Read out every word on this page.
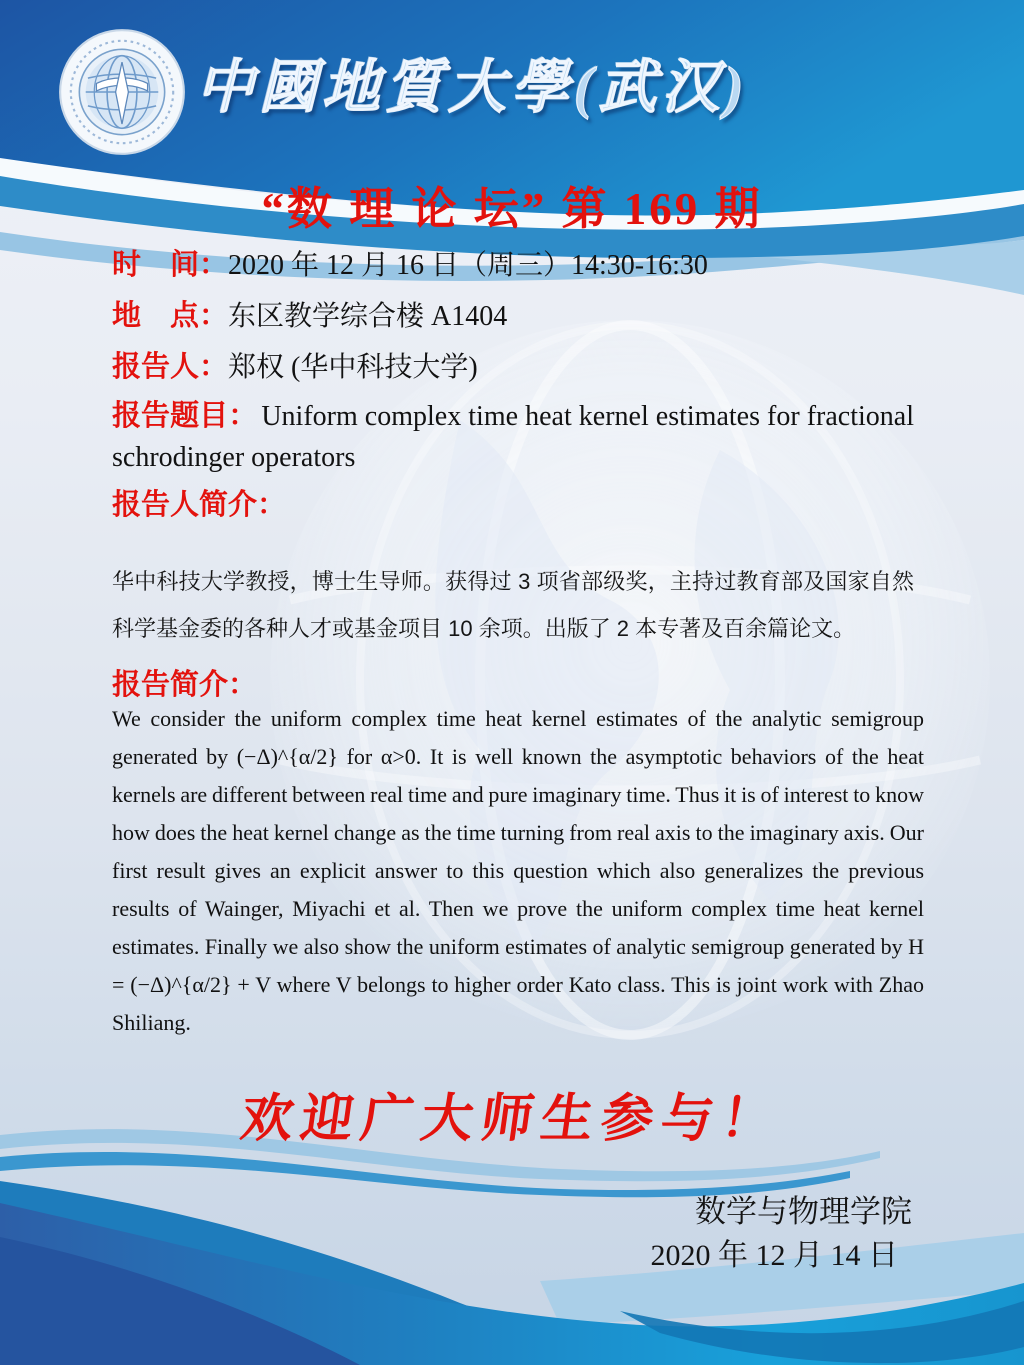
中國地質大學(武汉)
“数 理 论 坛” 第 169 期
时　间：2020 年 12 月 16 日（周三）14:30-16:30
地　点：东区教学综合楼 A1404
报告人：郑权 (华中科技大学)
报告题目： Uniform complex time heat kernel estimates for fractional schrodinger operators
报告人简介：
华中科技大学教授，博士生导师。获得过 3 项省部级奖，主持过教育部及国家自然科学基金委的各种人才或基金项目 10 余项。出版了 2 本专著及百余篇论文。
报告简介：
We consider the uniform complex time heat kernel estimates of the analytic semigroup generated by (−Δ)^{α/2} for α>0. It is well known the asymptotic behaviors of the heat kernels are different between real time and pure imaginary time. Thus it is of interest to know how does the heat kernel change as the time turning from real axis to the imaginary axis. Our first result gives an explicit answer to this question which also generalizes the previous results of Wainger, Miyachi et al. Then we prove the uniform complex time heat kernel estimates. Finally we also show the uniform estimates of analytic semigroup generated by H = (−Δ)^{α/2} + V where V belongs to higher order Kato class. This is joint work with Zhao Shiliang.
欢迎广大师生参与！
数学与物理学院
2020 年 12 月 14 日
